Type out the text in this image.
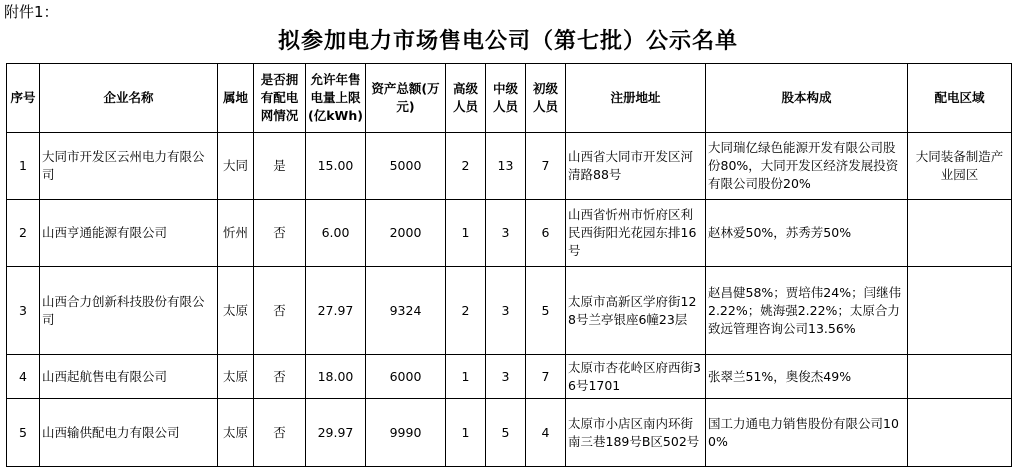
附件1：
拟参加电力市场售电公司（第七批）公示名单
序号	企业名称	属地	是否拥有配电网情况	允许年售电量上限(亿kWh)	资产总额(万元)	高级人员	中级人员	初级人员	注册地址	股本构成	配电区域
1	大同市开发区云州电力有限公司	大同	是	15.00	5000	2	13	7	山西省大同市开发区河清路88号	大同瑞亿绿色能源开发有限公司股份80%，大同开发区经济发展投资有限公司股份20%	大同装备制造产业园区
2	山西亨通能源有限公司	忻州	否	6.00	2000	1	3	6	山西省忻州市忻府区利民西街阳光花园东排16号	赵林爱50%，苏秀芳50%	
3	山西合力创新科技股份有限公司	太原	否	27.97	9324	2	3	5	太原市高新区学府街128号兰亭银座6幢23层	赵昌健58%；贾培伟24%；闫继伟2.22%；姚海强2.22%；太原合力致远管理咨询公司13.56%	
4	山西起航售电有限公司	太原	否	18.00	6000	1	3	7	太原市杏花岭区府西街36号1701	张翠兰51%，奥俊杰49%	
5	山西输供配电力有限公司	太原	否	29.97	9990	1	5	4	太原市小店区南内环街南三巷189号B区502号	国工力通电力销售股份有限公司100%	
